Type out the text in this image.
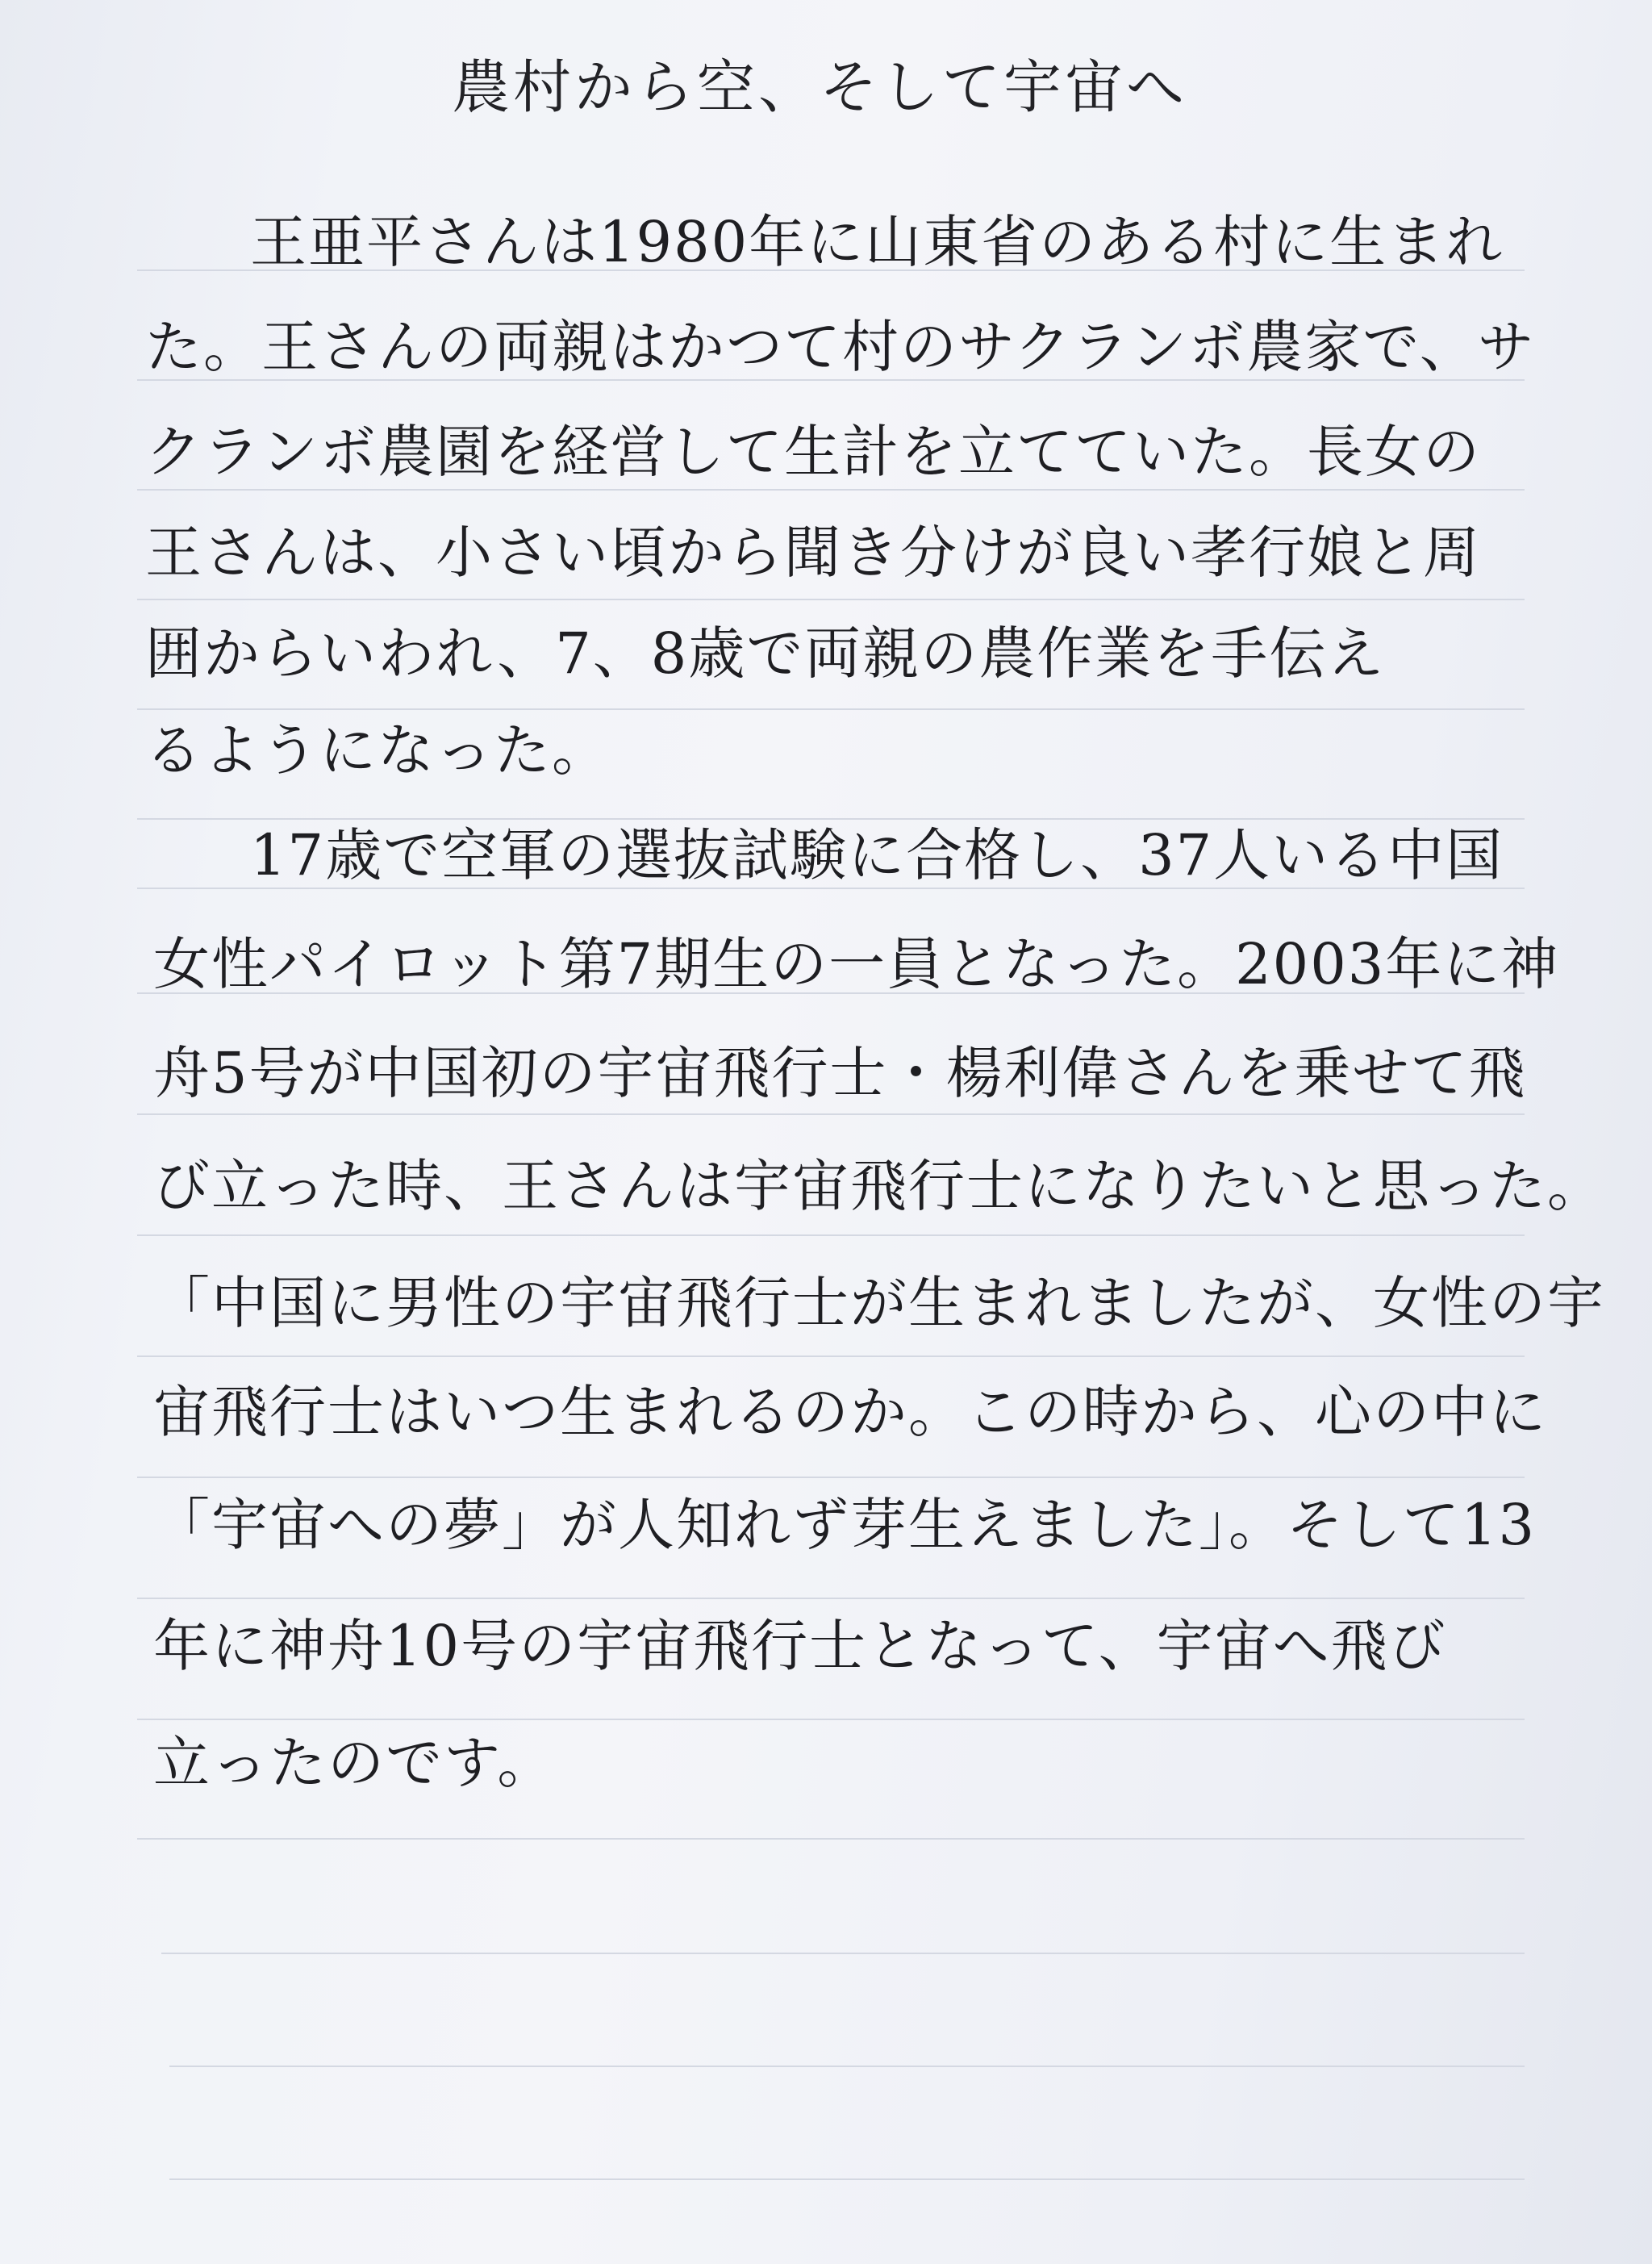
農村から空、そして宇宙へ
王亜平さんは1980年に山東省のある村に生まれ
た。王さんの両親はかつて村のサクランボ農家で、サ
クランボ農園を経営して生計を立てていた。長女の
王さんは、小さい頃から聞き分けが良い孝行娘と周
囲からいわれ、7、8歳で両親の農作業を手伝え
るようになった。
17歳で空軍の選抜試験に合格し、37人いる中国
女性パイロット第7期生の一員となった。2003年に神
舟5号が中国初の宇宙飛行士・楊利偉さんを乗せて飛
び立った時、王さんは宇宙飛行士になりたいと思った。
「中国に男性の宇宙飛行士が生まれましたが、女性の宇
宙飛行士はいつ生まれるのか。この時から、心の中に
「宇宙への夢」が人知れず芽生えました」。そして13
年に神舟10号の宇宙飛行士となって、宇宙へ飛び
立ったのです。
